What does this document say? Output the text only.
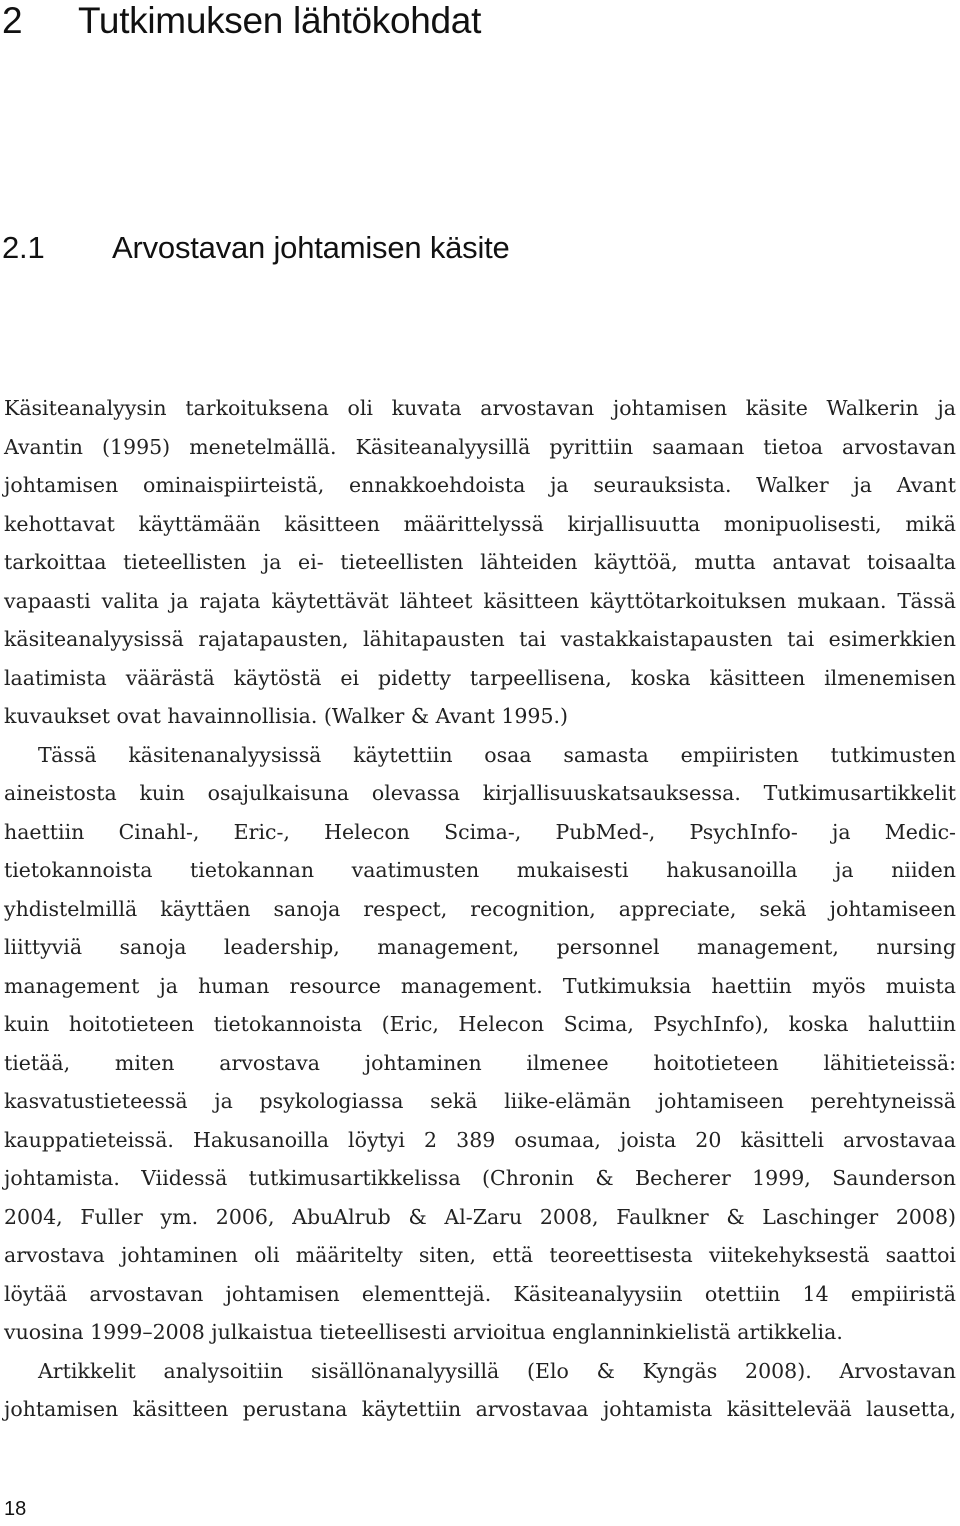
2 Tutkimuksen lähtökohdat
2.1 Arvostavan johtamisen käsite
Käsiteanalyysin tarkoituksena oli kuvata arvostavan johtamisen käsite Walkerin ja
Avantin (1995) menetelmällä. Käsiteanalyysillä pyrittiin saamaan tietoa arvostavan
johtamisen ominaispiirteistä, ennakkoehdoista ja seurauksista. Walker ja Avant
kehottavat käyttämään käsitteen määrittelyssä kirjallisuutta monipuolisesti, mikä
tarkoittaa tieteellisten ja ei- tieteellisten lähteiden käyttöä, mutta antavat toisaalta
vapaasti valita ja rajata käytettävät lähteet käsitteen käyttötarkoituksen mukaan. Tässä
käsiteanalyysissä rajatapausten, lähitapausten tai vastakkaistapausten tai esimerkkien
laatimista väärästä käytöstä ei pidetty tarpeellisena, koska käsitteen ilmenemisen
kuvaukset ovat havainnollisia. (Walker & Avant 1995.)
Tässä käsitenanalyysissä käytettiin osaa samasta empiiristen tutkimusten
aineistosta kuin osajulkaisuna olevassa kirjallisuuskatsauksessa. Tutkimusartikkelit
haettiin Cinahl-, Eric-, Helecon Scima-, PubMed-, PsychInfo- ja Medic-
tietokannoista tietokannan vaatimusten mukaisesti hakusanoilla ja niiden
yhdistelmillä käyttäen sanoja respect, recognition, appreciate, sekä johtamiseen
liittyviä sanoja leadership, management, personnel management, nursing
management ja human resource management. Tutkimuksia haettiin myös muista
kuin hoitotieteen tietokannoista (Eric, Helecon Scima, PsychInfo), koska haluttiin
tietää, miten arvostava johtaminen ilmenee hoitotieteen lähitieteissä:
kasvatustieteessä ja psykologiassa sekä liike-elämän johtamiseen perehtyneissä
kauppatieteissä. Hakusanoilla löytyi 2 389 osumaa, joista 20 käsitteli arvostavaa
johtamista. Viidessä tutkimusartikkelissa (Chronin & Becherer 1999, Saunderson
2004, Fuller ym. 2006, AbuAlrub & Al-Zaru 2008, Faulkner & Laschinger 2008)
arvostava johtaminen oli määritelty siten, että teoreettisesta viitekehyksestä saattoi
löytää arvostavan johtamisen elementtejä. Käsiteanalyysiin otettiin 14 empiiristä
vuosina 1999–2008 julkaistua tieteellisesti arvioitua englanninkielistä artikkelia.
Artikkelit analysoitiin sisällönanalyysillä (Elo & Kyngäs 2008). Arvostavan
johtamisen käsitteen perustana käytettiin arvostavaa johtamista käsittelevää lausetta,
18
